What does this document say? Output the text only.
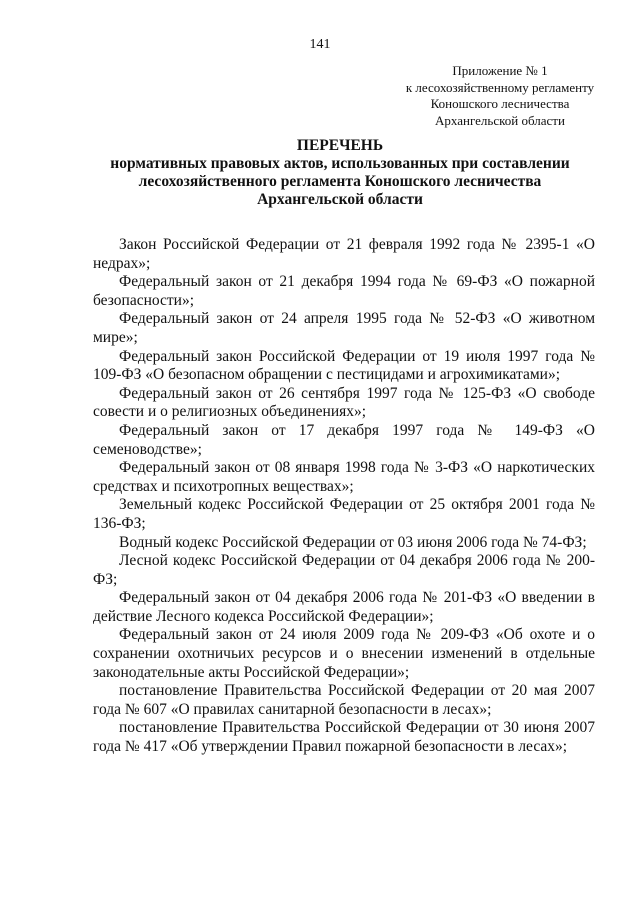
141
Приложение № 1
к лесохозяйственному регламенту
Коношского лесничества
Архангельской области
ПЕРЕЧЕНЬ
нормативных правовых актов, использованных при составлении
лесохозяйственного регламента Коношского лесничества
Архангельской области

Закон Российской Федерации от 21 февраля 1992 года № 2395-1 «О недрах»;

Федеральный закон от 21 декабря 1994 года № 69-ФЗ «О пожарной безопасности»;

Федеральный закон от 24 апреля 1995 года № 52-ФЗ «О животном мире»;

Федеральный закон Российской Федерации от 19 июля 1997 года № 109-ФЗ «О безопасном обращении с пестицидами и агрохимикатами»;

Федеральный закон от 26 сентября 1997 года № 125-ФЗ «О свободе совести и о религиозных объединениях»;

Федеральный закон от 17 декабря 1997 года № 149-ФЗ «О семеноводстве»;

Федеральный закон от 08 января 1998 года № 3-ФЗ «О наркотических средствах и психотропных веществах»;

Земельный кодекс Российской Федерации от 25 октября 2001 года № 136-ФЗ;

Водный кодекс Российской Федерации от 03 июня 2006 года № 74-ФЗ;

Лесной кодекс Российской Федерации от 04 декабря 2006 года № 200-ФЗ;

Федеральный закон от 04 декабря 2006 года № 201-ФЗ «О введении в действие Лесного кодекса Российской Федерации»;

Федеральный закон от 24 июля 2009 года № 209-ФЗ «Об охоте и о сохранении охотничьих ресурсов и о внесении изменений в отдельные законодательные акты Российской Федерации»;

постановление Правительства Российской Федерации от 20 мая 2007 года № 607 «О правилах санитарной безопасности в лесах»;

постановление Правительства Российской Федерации от 30 июня 2007 года № 417 «Об утверждении Правил пожарной безопасности в лесах»;
